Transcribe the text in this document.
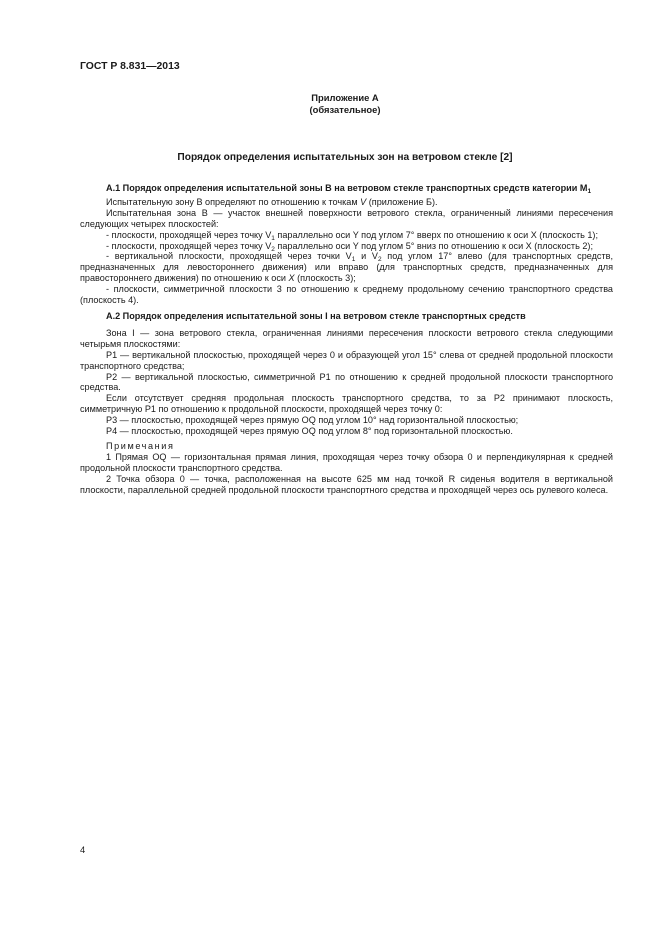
ГОСТ Р 8.831—2013
Приложение А
(обязательное)
Порядок определения испытательных зон на ветровом стекле [2]

А.1 Порядок определения испытательной зоны В на ветровом стекле транспортных средств категории $М_1$

Испытательную зону В определяют по отношению к точкам V (приложение Б).

Испытательная зона В — участок внешней поверхности ветрового стекла, ограниченный линиями пересечения следующих четырех плоскостей:

- плоскости, проходящей через точку $V_1$ параллельно оси Y под углом 7° вверх по отношению к оси X (плоскость 1);

- плоскости, проходящей через точку $V_2$ параллельно оси Y под углом 5° вниз по отношению к оси X (плоскость 2);

- вертикальной плоскости, проходящей через точки $V_1$ и $V_2$ под углом 17° влево (для транспортных средств, предназначенных для левостороннего движения) или вправо (для транспортных средств, предназначенных для правостороннего движения) по отношению к оси X (плоскость 3);

- плоскости, симметричной плоскости 3 по отношению к среднему продольному сечению транспортного средства (плоскость 4).

А.2 Порядок определения испытательной зоны I на ветровом стекле транспортных средств

Зона I — зона ветрового стекла, ограниченная линиями пересечения плоскости ветрового стекла следующими четырьмя плоскостями:

Р1 — вертикальной плоскостью, проходящей через 0 и образующей угол 15° слева от средней продольной плоскости транспортного средства;

Р2 — вертикальной плоскостью, симметричной Р1 по отношению к средней продольной плоскости транспортного средства.

Если отсутствует средняя продольная плоскость транспортного средства, то за Р2 принимают плоскость, симметричную Р1 по отношению к продольной плоскости, проходящей через точку 0:

Р3 — плоскостью, проходящей через прямую OQ под углом 10° над горизонтальной плоскостью;

Р4 — плоскостью, проходящей через прямую OQ под углом 8° под горизонтальной плоскостью.

Примечания

1 Прямая OQ — горизонтальная прямая линия, проходящая через точку обзора 0 и перпендикулярная к средней продольной плоскости транспортного средства.

2 Точка обзора 0 — точка, расположенная на высоте 625 мм над точкой R сиденья водителя в вертикальной плоскости, параллельной средней продольной плоскости транспортного средства и проходящей через ось рулевого колеса.

4
